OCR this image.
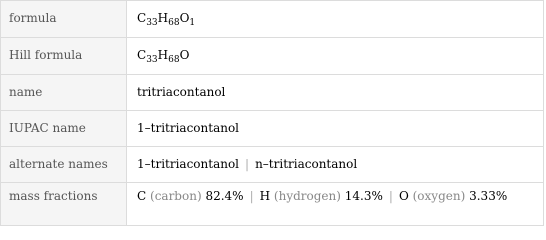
formula	$C_{33}H_{68}O_1$

Hill formula	$C_{33}H_{68}O$

name	tritriacontanol

IUPAC name	1–tritriacontanol

alternate names	1–tritriacontanol | n–tritriacontanol

mass fractions	C (carbon) 82.4% | H (hydrogen) 14.3% | O (oxygen) 3.33%
